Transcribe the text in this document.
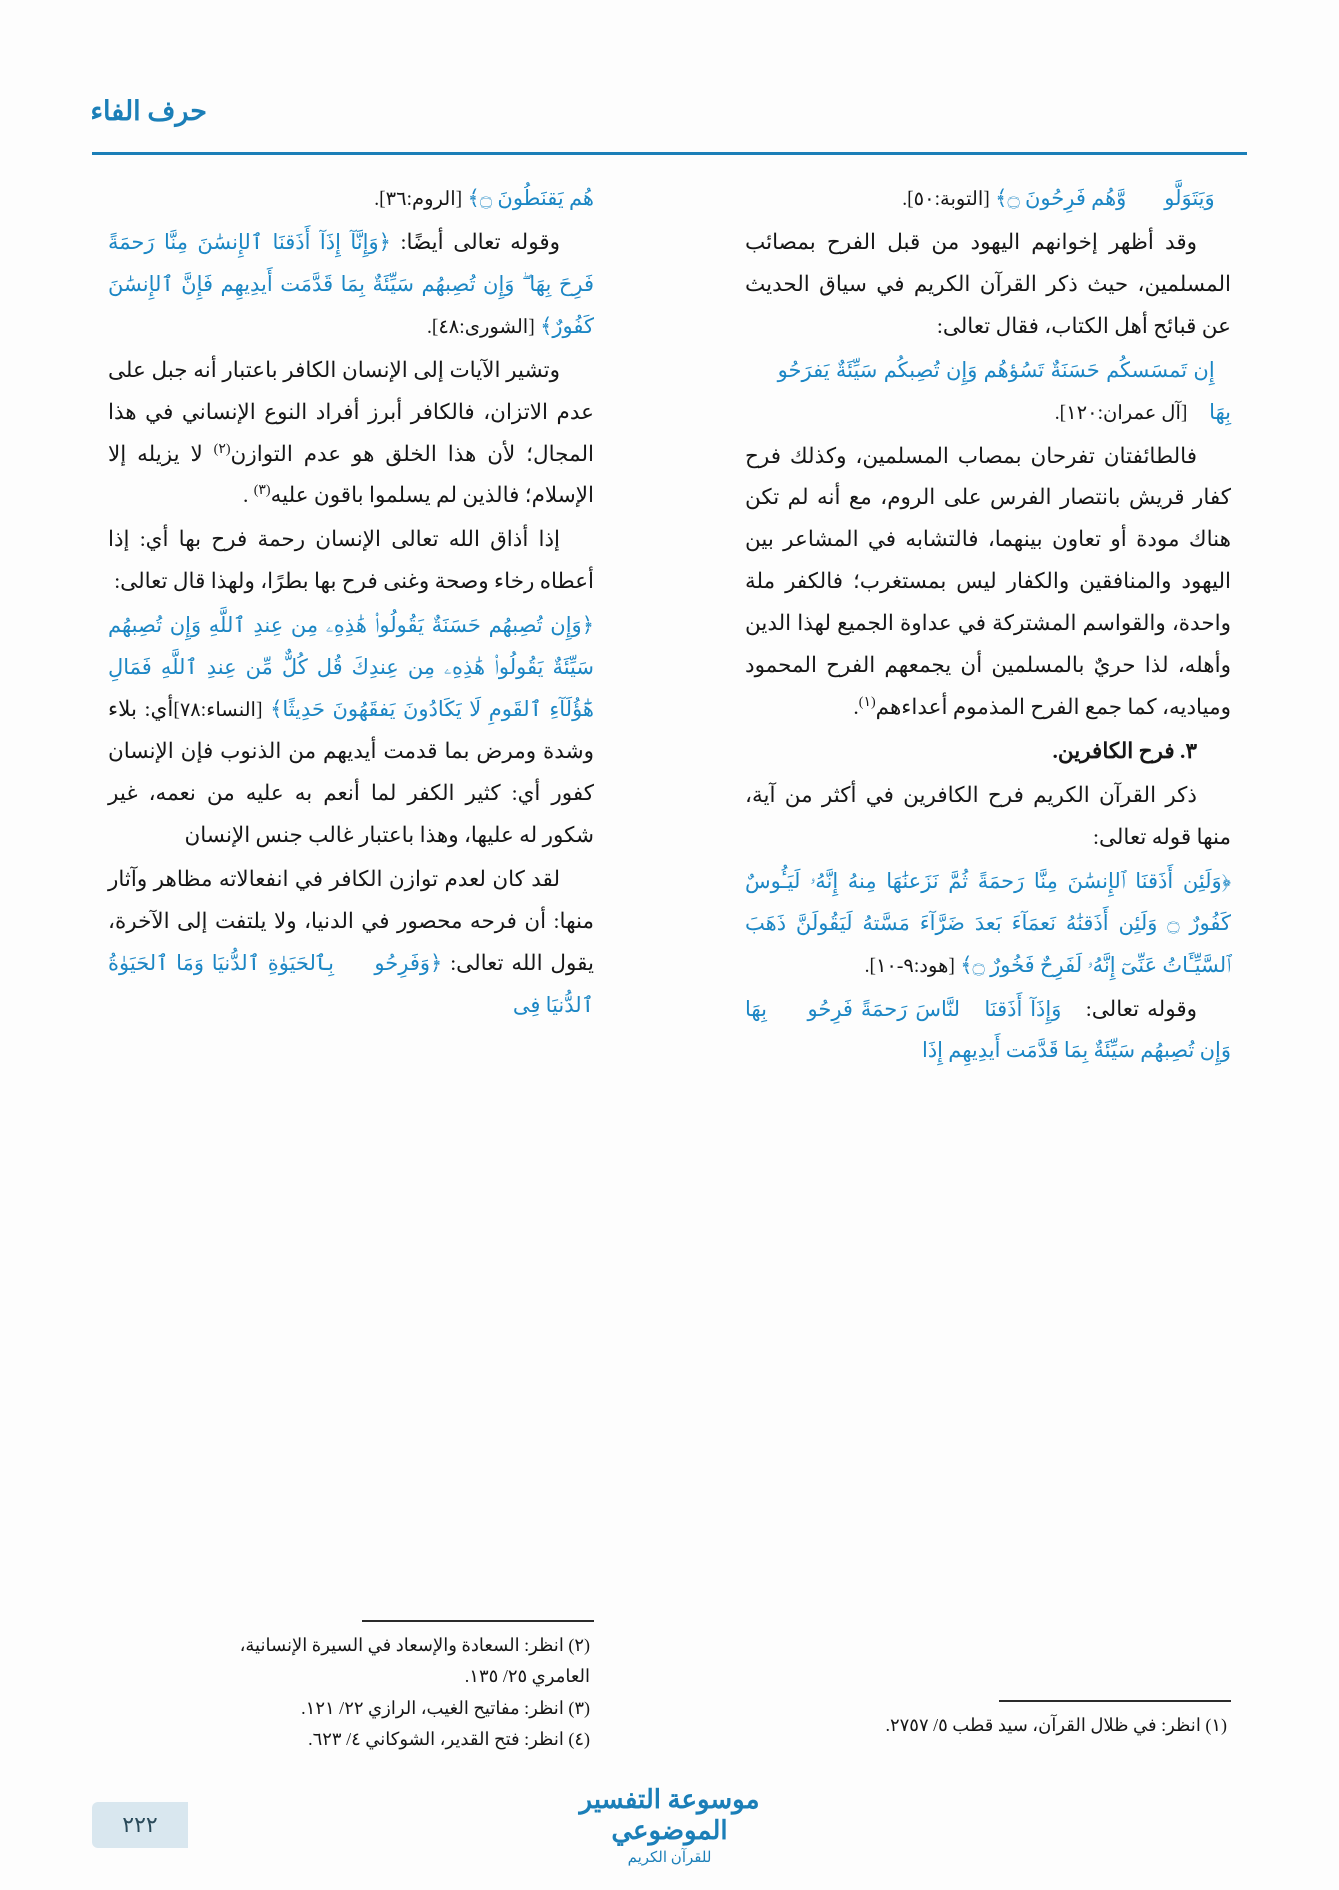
حرف الفاء

﴿وَيَتَوَلَّوا۟ وَّهُم فَرِحُونَ ۝﴾ [التوبة:٥٠].

وقد أظهر إخوانهم اليهود من قبل الفرح بمصائب المسلمين، حيث ذكر القرآن الكريم في سياق الحديث عن قبائح أهل الكتاب، فقال تعالى:

﴿إِن تَمسَسكُم حَسَنَةٌ تَسُؤهُم وَإِن تُصِبكُم سَيِّئَةٌ يَفرَحُوا۟ بِهَا﴾ [آل عمران:١٢٠].

فالطائفتان تفرحان بمصاب المسلمين، وكذلك فرح كفار قريش بانتصار الفرس على الروم، مع أنه لم تكن هناك مودة أو تعاون بينهما، فالتشابه في المشاعر بين اليهود والمنافقين والكفار ليس بمستغرب؛ فالكفر ملة واحدة، والقواسم المشتركة في عداوة الجميع لهذا الدين وأهله، لذا حريٌ بالمسلمين أن يجمعهم الفرح المحمود ومياديه، كما جمع الفرح المذموم أعداءهم$^{(١)}$.

٣. فرح الكافرين.

ذكر القرآن الكريم فرح الكافرين في أكثر من آية، منها قوله تعالى:

﴿وَلَئِن أَذَقنَا ٱلإِنسَٰنَ مِنَّا رَحمَةً ثُمَّ نَزَعنَٰهَا مِنهُ إِنَّهُۥ لَيَـُٔوسٌ كَفُورٌ ۝ وَلَئِن أَذَقنَٰهُ نَعمَآءَ بَعدَ ضَرَّآءَ مَسَّتهُ لَيَقُولَنَّ ذَهَبَ ٱلسَّيِّـَٔاتُ عَنِّىٓ إِنَّهُۥ لَفَرِحٌ فَخُورٌ ۝﴾ [هود:٩-١٠].

وقوله تعالى: ﴿وَإِذَآ أَذَقنَا ٱلنَّاسَ رَحمَةً فَرِحُوا۟ بِهَا وَإِن تُصِبهُم سَيِّئَةٌ بِمَا قَدَّمَت أَيدِيهِم إِذَا

(١) انظر: في ظلال القرآن، سيد قطب ٥/ ٢٧٥٧.

هُم يَقنَطُونَ ۝﴾ [الروم:٣٦].

وقوله تعالى أيضًا: ﴿وَإِنَّآ إِذَآ أَذَقنَا ٱلإِنسَٰنَ مِنَّا رَحمَةً فَرِحَ بِهَا ۖ وَإِن تُصِبهُم سَيِّئَةٌ بِمَا قَدَّمَت أَيدِيهِم فَإِنَّ ٱلإِنسَٰنَ كَفُورٌ﴾ [الشورى:٤٨].

وتشير الآيات إلى الإنسان الكافر باعتبار أنه جبل على عدم الاتزان، فالكافر أبرز أفراد النوع الإنساني في هذا المجال؛ لأن هذا الخلق هو عدم التوازن$^{(٢)}$ لا يزيله إلا الإسلام؛ فالذين لم يسلموا باقون عليه$^{(٣)}$ .

إذا أذاق الله تعالى الإنسان رحمة فرح بها أي: إذا أعطاه رخاء وصحة وغنى فرح بها بطرًا، ولهذا قال تعالى:

﴿وَإِن تُصِبهُم حَسَنَةٌ يَقُولُوا۟ هَٰذِهِۦ مِن عِندِ ٱللَّهِ وَإِن تُصِبهُم سَيِّئَةٌ يَقُولُوا۟ هَٰذِهِۦ مِن عِندِكَ قُل كُلٌّ مِّن عِندِ ٱللَّهِ فَمَالِ هَٰٓؤُلَآءِ ٱلقَومِ لَا يَكَادُونَ يَفقَهُونَ حَدِيثًا﴾ [النساء:٧٨]أي: بلاء وشدة ومرض بما قدمت أيديهم من الذنوب فإن الإنسان كفور أي: كثير الكفر لما أنعم به عليه من نعمه، غير شكور له عليها، وهذا باعتبار غالب جنس الإنسان

لقد كان لعدم توازن الكافر في انفعالاته مظاهر وآثار منها: أن فرحه محصور في الدنيا، ولا يلتفت إلى الآخرة، يقول الله تعالى: ﴿وَفَرِحُوا۟ بِٱلحَيَوٰةِ ٱلدُّنيَا وَمَا ٱلحَيَوٰةُ ٱلدُّنيَا فِى

(٢) انظر: السعادة والإسعاد في السيرة الإنسانية،
العامري ٢٥/ ١٣٥.

(٣) انظر: مفاتيح الغيب، الرازي ٢٢/ ١٢١.

(٤) انظر: فتح القدير، الشوكاني ٤/ ٦٢٣.

موسوعة التفسير الموضوعي
للقرآن الكريم
٢٢٢
